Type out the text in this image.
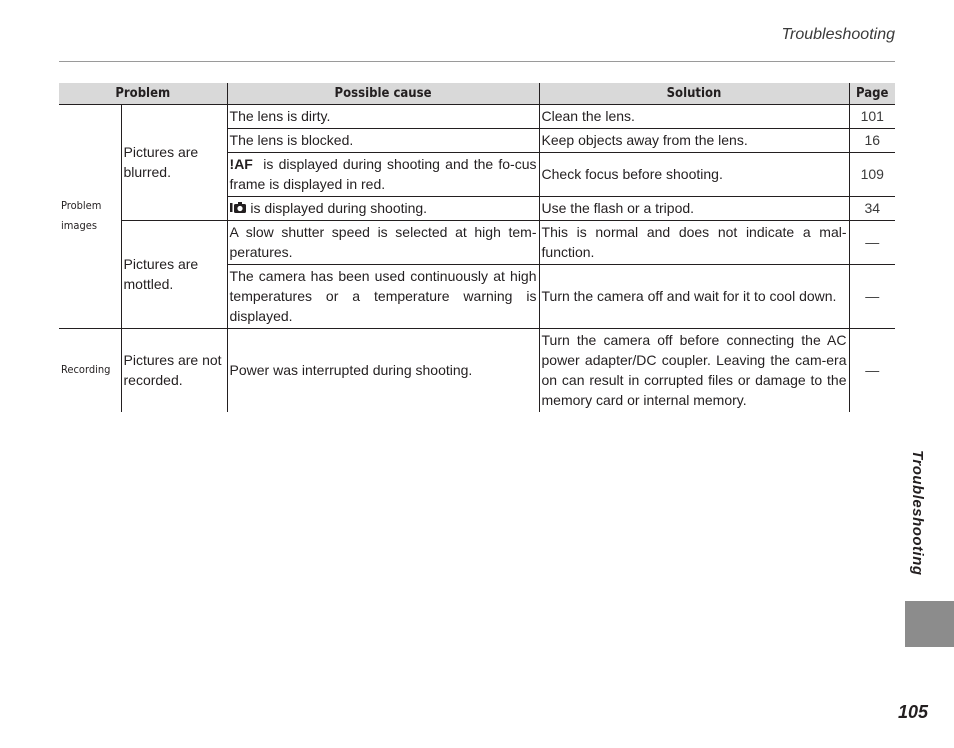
Troubleshooting
Problem		Possible cause	Solution	Page
Problem images	Pictures are blurred.	The lens is dirty.	Clean the lens.	101
		The lens is blocked.	Keep objects away from the lens.	16
		!AF is displayed during shooting and the fo-cus frame is displayed in red.	Check focus before shooting.	109
		is displayed during shooting.	Use the flash or a tripod.	34
	Pictures are mottled.	A slow shutter speed is selected at high tem-peratures.	This is normal and does not indicate a mal-function.	—
		The camera has been used continuously at high temperatures or a temperature warning is displayed.	Turn the camera off and wait for it to cool down.	—
Recording	Pictures are not recorded.	Power was interrupted during shooting.	Turn the camera off before connecting the AC power adapter/DC coupler. Leaving the cam-era on can result in corrupted files or damage to the memory card or internal memory.	—
Troubleshooting
105
